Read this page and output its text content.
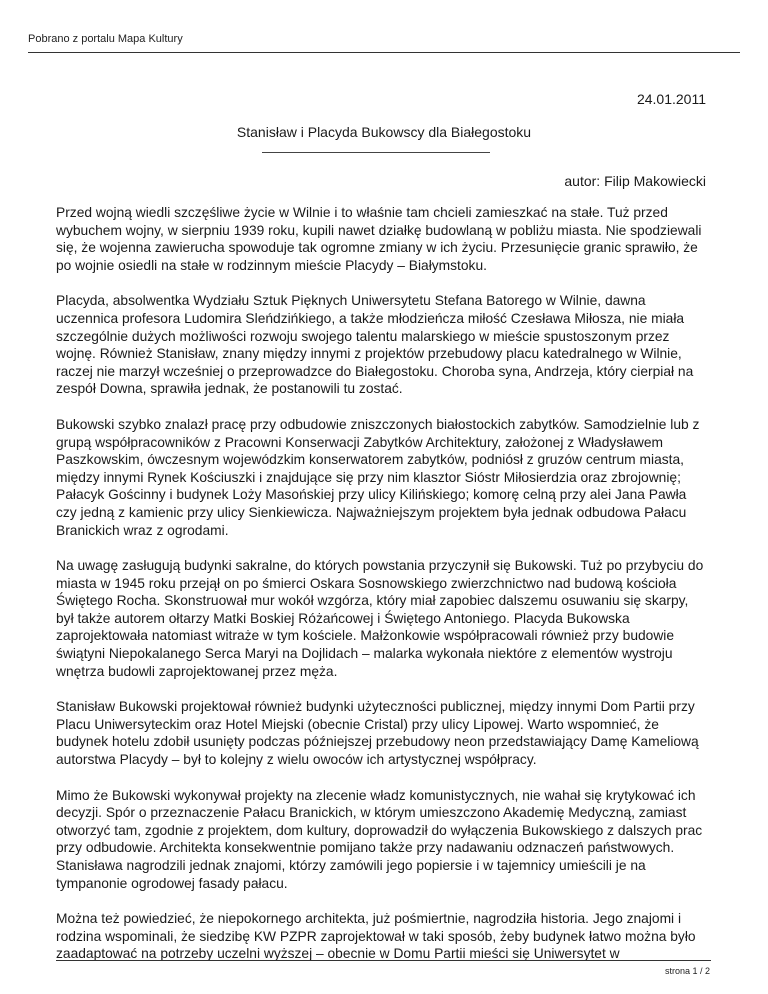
Pobrano z portalu Mapa Kultury
24.01.2011
Stanisław i Placyda Bukowscy dla Białegostoku
autor: Filip Makowiecki

Przed wojną wiedli szczęśliwe życie w Wilnie i to właśnie tam chcieli zamieszkać na stałe. Tuż przed wybuchem wojny, w sierpniu 1939 roku, kupili nawet działkę budowlaną w pobliżu miasta. Nie spodziewali się, że wojenna zawierucha spowoduje tak ogromne zmiany w ich życiu. Przesunięcie granic sprawiło, że po wojnie osiedli na stałe w rodzinnym mieście Placydy – Białymstoku.

Placyda, absolwentka Wydziału Sztuk Pięknych Uniwersytetu Stefana Batorego w Wilnie, dawna uczennica profesora Ludomira Sleńdzińkiego, a także młodzieńcza miłość Czesława Miłosza, nie miała szczególnie dużych możliwości rozwoju swojego talentu malarskiego w mieście spustoszonym przez wojnę. Również Stanisław, znany między innymi z projektów przebudowy placu katedralnego w Wilnie, raczej nie marzył wcześniej o przeprowadzce do Białegostoku. Choroba syna, Andrzeja, który cierpiał na zespół Downa, sprawiła jednak, że postanowili tu zostać.

Bukowski szybko znalazł pracę przy odbudowie zniszczonych białostockich zabytków. Samodzielnie lub z grupą współpracowników z Pracowni Konserwacji Zabytków Architektury, założonej z Władysławem Paszkowskim, ówczesnym wojewódzkim konserwatorem zabytków, podniósł z gruzów centrum miasta, między innymi Rynek Kościuszki i znajdujące się przy nim klasztor Sióstr Miłosierdzia oraz zbrojownię; Pałacyk Gościnny i budynek Loży Masońskiej przy ulicy Kilińskiego; komorę celną przy alei Jana Pawła czy jedną z kamienic przy ulicy Sienkiewicza. Najważniejszym projektem była jednak odbudowa Pałacu Branickich wraz z ogrodami.

Na uwagę zasługują budynki sakralne, do których powstania przyczynił się Bukowski. Tuż po przybyciu do miasta w 1945 roku przejął on po śmierci Oskara Sosnowskiego zwierzchnictwo nad budową kościoła Świętego Rocha. Skonstruował mur wokół wzgórza, który miał zapobiec dalszemu osuwaniu się skarpy, był także autorem ołtarzy Matki Boskiej Różańcowej i Świętego Antoniego. Placyda Bukowska zaprojektowała natomiast witraże w tym kościele. Małżonkowie współpracowali również przy budowie świątyni Niepokalanego Serca Maryi na Dojlidach – malarka wykonała niektóre z elementów wystroju wnętrza budowli zaprojektowanej przez męża.

Stanisław Bukowski projektował również budynki użyteczności publicznej, między innymi Dom Partii przy Placu Uniwersyteckim oraz Hotel Miejski (obecnie Cristal) przy ulicy Lipowej. Warto wspomnieć, że budynek hotelu zdobił usunięty podczas późniejszej przebudowy neon przedstawiający Damę Kameliową autorstwa Placydy – był to kolejny z wielu owoców ich artystycznej współpracy.

Mimo że Bukowski wykonywał projekty na zlecenie władz komunistycznych, nie wahał się krytykować ich decyzji. Spór o przeznaczenie Pałacu Branickich, w którym umieszczono Akademię Medyczną, zamiast otworzyć tam, zgodnie z projektem, dom kultury, doprowadził do wyłączenia Bukowskiego z dalszych prac przy odbudowie. Architekta konsekwentnie pomijano także przy nadawaniu odznaczeń państwowych. Stanisława nagrodzili jednak znajomi, którzy zamówili jego popiersie i w tajemnicy umieścili je na tympanonie ogrodowej fasady pałacu.

Można też powiedzieć, że niepokornego architekta, już pośmiertnie, nagrodziła historia. Jego znajomi i rodzina wspominali, że siedzibę KW PZPR zaprojektował w taki sposób, żeby budynek łatwo można było zaadaptować na potrzeby uczelni wyższej – obecnie w Domu Partii mieści się Uniwersytet w

strona 1 / 2
